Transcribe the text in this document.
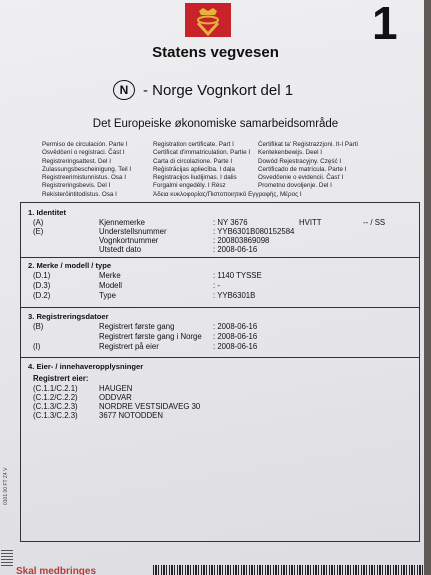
1
Statens vegvesen
N - Norge Vognkort del 1
Det Europeiske økonomiske samarbeidsområde
Permiso de circulación. Parte I
Osvědčení o registraci. Část I
Registreringsattest. Del I
Zulassungsbescheinigung. Teil I
Registreerimistunnistus. Osa I
Registreringsbevis. Del I
Rekisteröintitodistus. Osa I
Registration certificate. Part I
Certificat d'immatriculation. Partie I
Carta di circolazione. Parte I
Reģistrācijas apliecība. I daļa
Registracijos liudijimas. I dalis
Forgalmi engedély. I Rész
Άδεια κυκλοφορίας/Πιστοποιητικό Εγγραφής, Μέρος Ι
Ċertifikat ta' Reġistrazzjoni. It-I Parti
Kentekenbewijs. Deel I
Dowód Rejestracyjny. Część I
Certificado de matrícula. Parte I
Osvedčenie o evidencii. Časť I
Prometno dovoljenje. Del I
1. Identitet
(A)	Kjennemerke	: NY 3676	HVITT	-- / SS
(E)	Understellsnummer	: YYB6301B080152584
Vognkortnummer	: 200803869098
Utstedt dato	: 2008-06-16
2. Merke / modell / type
(D.1)	Merke	: 1140 TYSSE
(D.3)	Modell	: -
(D.2)	Type	: YYB6301B
3. Registreringsdatoer
(B)	Registrert første gang	: 2008-06-16
Registrert første gang i Norge : 2008-06-16
(I)	Registrert på eier	: 2008-06-16
4. Eier- / innehaveropplysninger
Registrert eier:
(C.1.1/C.2.1)	HAUGEN
(C.1.2/C.2.2)	ODDVAR
(C.1.3/C.2.3)	NORDRE VESTSIDAVEG 30
(C.1.3/C.2.3)	3677 NOTODDEN
0101 00 FT Z4 V
Skal medbringes
